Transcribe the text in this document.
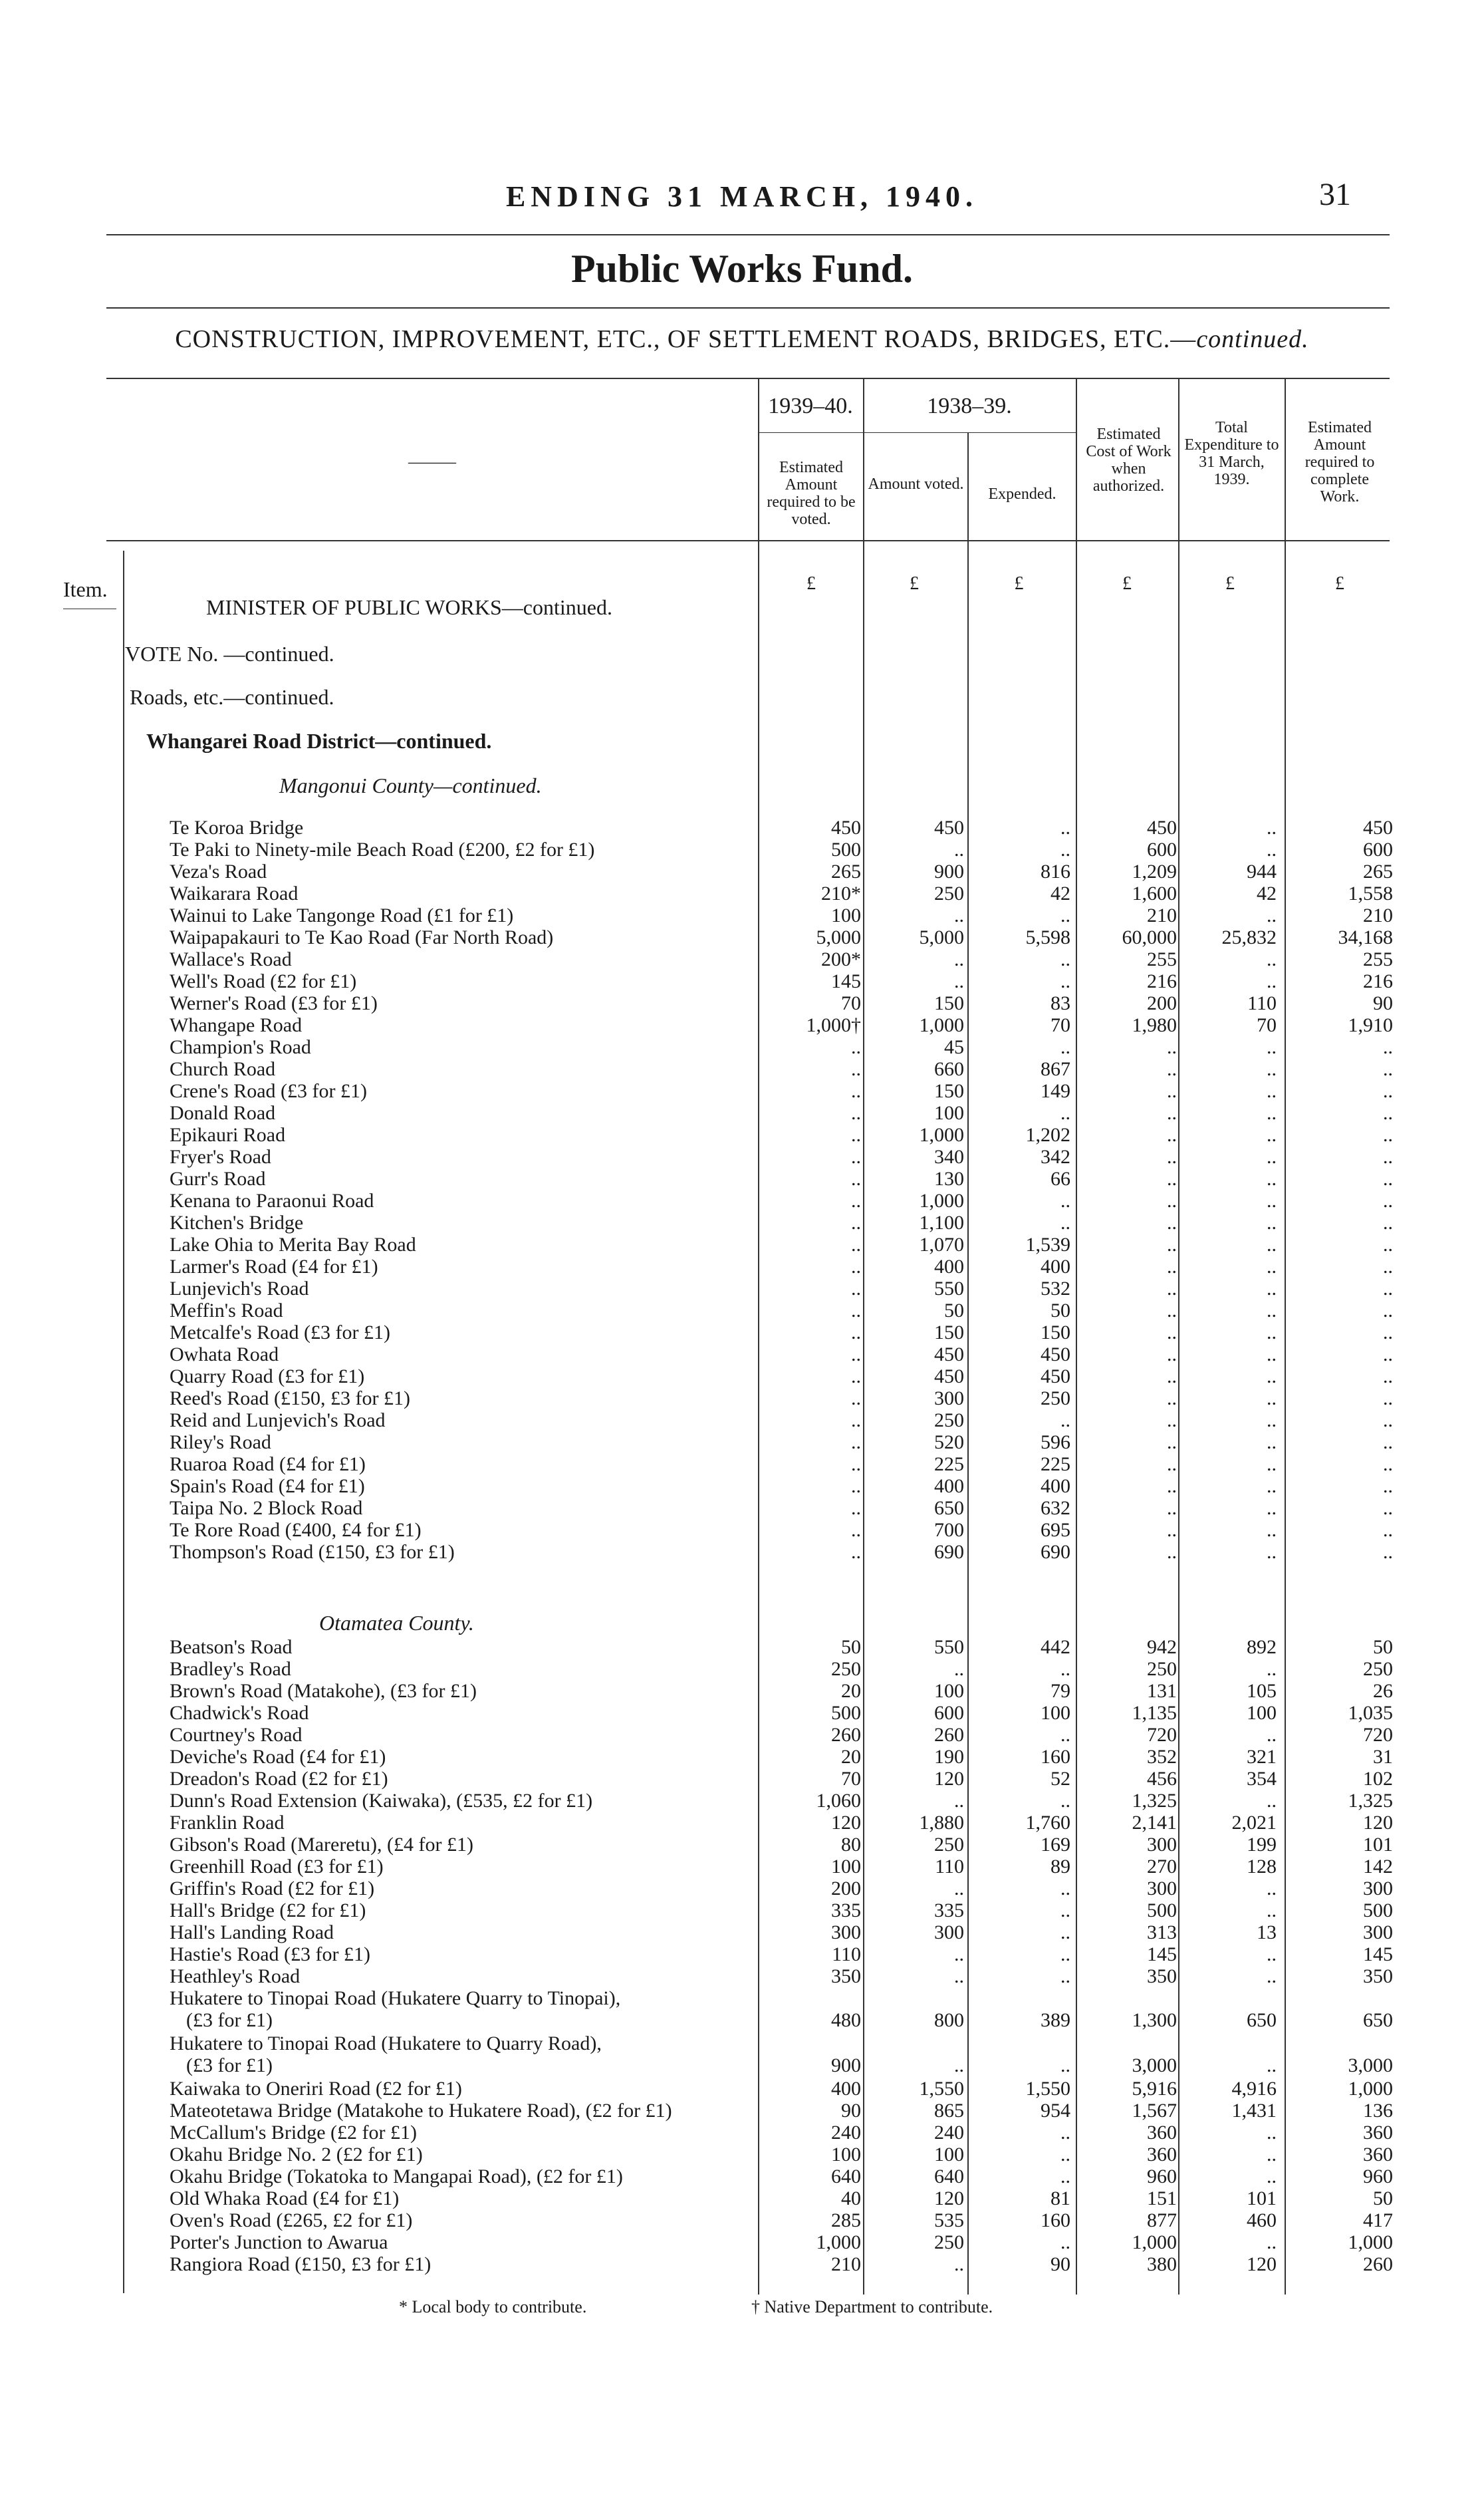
ENDING 31 MARCH, 1940.	31
Public Works Fund.
CONSTRUCTION, IMPROVEMENT, ETC., OF SETTLEMENT ROADS, BRIDGES, ETC.—continued.
———
1939–40.	1938–39.
Estimated Amount required to be voted.
Amount voted.
Expended.
Estimated Cost of Work when authorized.
Total Expenditure to 31 March, 1939.
Estimated Amount required to complete Work.
£	£	£	£	£	£
Item.
MINISTER OF PUBLIC WORKS—continued.
VOTE No. —continued.
Roads, etc.—continued.
Whangarei Road District—continued.
Mangonui County—continued.
Te Koroa Bridge	450	450	..	450	..	450
Te Paki to Ninety-mile Beach Road (£200, £2 for £1)	500	..	..	600	..	600
Veza's Road	265	900	816	1,209	944	265
Waikarara Road	210*	250	42	1,600	42	1,558
Wainui to Lake Tangonge Road (£1 for £1)	100	..	..	210	..	210
Waipapakauri to Te Kao Road (Far North Road)	5,000	5,000	5,598	60,000	25,832	34,168
Wallace's Road	200*	..	..	255	..	255
Well's Road (£2 for £1)	145	..	..	216	..	216
Werner's Road (£3 for £1)	70	150	83	200	110	90
Whangape Road	1,000†	1,000	70	1,980	70	1,910
Champion's Road	..	45	..	..	..	..
Church Road	..	660	867	..	..	..
Crene's Road (£3 for £1)	..	150	149	..	..	..
Donald Road	..	100	..	..	..	..
Epikauri Road	..	1,000	1,202	..	..	..
Fryer's Road	..	340	342	..	..	..
Gurr's Road	..	130	66	..	..	..
Kenana to Paraonui Road	..	1,000	..	..	..	..
Kitchen's Bridge	..	1,100	..	..	..	..
Lake Ohia to Merita Bay Road	..	1,070	1,539	..	..	..
Larmer's Road (£4 for £1)	..	400	400	..	..	..
Lunjevich's Road	..	550	532	..	..	..
Meffin's Road	..	50	50	..	..	..
Metcalfe's Road (£3 for £1)	..	150	150	..	..	..
Owhata Road	..	450	450	..	..	..
Quarry Road (£3 for £1)	..	450	450	..	..	..
Reed's Road (£150, £3 for £1)	..	300	250	..	..	..
Reid and Lunjevich's Road	..	250	..	..	..	..
Riley's Road	..	520	596	..	..	..
Ruaroa Road (£4 for £1)	..	225	225	..	..	..
Spain's Road (£4 for £1)	..	400	400	..	..	..
Taipa No. 2 Block Road	..	650	632	..	..	..
Te Rore Road (£400, £4 for £1)	..	700	695	..	..	..
Thompson's Road (£150, £3 for £1)	..	690	690	..	..	..
Beatson's Road	50	550	442	942	892	50
Bradley's Road	250	..	..	250	..	250
Brown's Road (Matakohe), (£3 for £1)	20	100	79	131	105	26
Chadwick's Road	500	600	100	1,135	100	1,035
Courtney's Road	260	260	..	720	..	720
Deviche's Road (£4 for £1)	20	190	160	352	321	31
Dreadon's Road (£2 for £1)	70	120	52	456	354	102
Dunn's Road Extension (Kaiwaka), (£535, £2 for £1)	1,060	..	..	1,325	..	1,325
Franklin Road	120	1,880	1,760	2,141	2,021	120
Gibson's Road (Mareretu), (£4 for £1)	80	250	169	300	199	101
Greenhill Road (£3 for £1)	100	110	89	270	128	142
Griffin's Road (£2 for £1)	200	..	..	300	..	300
Hall's Bridge (£2 for £1)	335	335	..	500	..	500
Hall's Landing Road	300	300	..	313	13	300
Hastie's Road (£3 for £1)	110	..	..	145	..	145
Heathley's Road	350	..	..	350	..	350
Hukatere to Tinopai Road (Hukatere Quarry to Tinopai),
(£3 for £1)	480	800	389	1,300	650	650
Hukatere to Tinopai Road (Hukatere to Quarry Road),
(£3 for £1)	900	..	..	3,000	..	3,000
Kaiwaka to Oneriri Road (£2 for £1)	400	1,550	1,550	5,916	4,916	1,000
Mateotetawa Bridge (Matakohe to Hukatere Road), (£2 for £1)	90	865	954	1,567	1,431	136
McCallum's Bridge (£2 for £1)	240	240	..	360	..	360
Okahu Bridge No. 2 (£2 for £1)	100	100	..	360	..	360
Okahu Bridge (Tokatoka to Mangapai Road), (£2 for £1)	640	640	..	960	..	960
Old Whaka Road (£4 for £1)	40	120	81	151	101	50
Oven's Road (£265, £2 for £1)	285	535	160	877	460	417
Porter's Junction to Awarua	1,000	250	..	1,000	..	1,000
Rangiora Road (£150, £3 for £1)	210	..	90	380	120	260
Otamatea County.
* Local body to contribute.	† Native Department to contribute.
